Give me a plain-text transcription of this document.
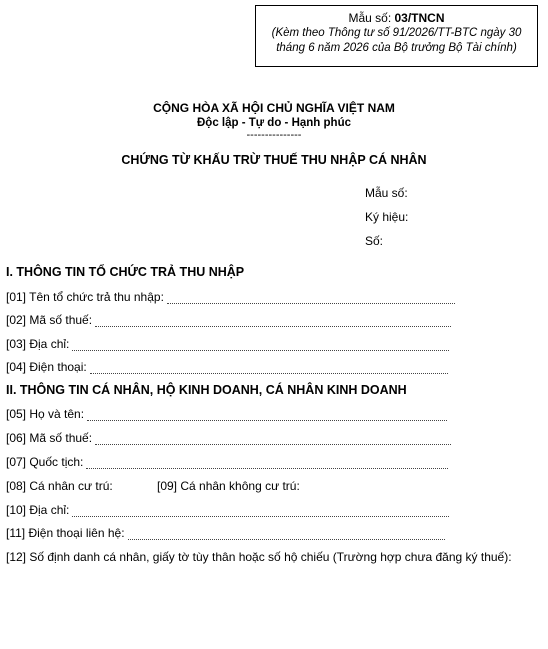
Mẫu số: 03/TNCN
(Kèm theo Thông tư số 91/2026/TT-BTC ngày 30
tháng 6 năm 2026 của Bộ trưởng Bộ Tài chính)
CỘNG HÒA XÃ HỘI CHỦ NGHĨA VIỆT NAM
Độc lập - Tự do - Hạnh phúc
---------------
CHỨNG TỪ KHẤU TRỪ THUẾ THU NHẬP CÁ NHÂN
Mẫu số:
Ký hiệu:
Số:
I. THÔNG TIN TỔ CHỨC TRẢ THU NHẬP
[01] Tên tổ chức trả thu nhập:
[02] Mã số thuế:
[03] Địa chỉ:
[04] Điện thoại:
II. THÔNG TIN CÁ NHÂN, HỘ KINH DOANH, CÁ NHÂN KINH DOANH
[05] Họ và tên:
[06] Mã số thuế:
[07] Quốc tịch:
[08] Cá nhân cư trú:	[09] Cá nhân không cư trú:
[10] Địa chỉ:
[11] Điện thoại liên hệ:
[12] Số định danh cá nhân, giấy tờ tùy thân hoặc số hộ chiếu (Trường hợp chưa đăng ký thuế):
